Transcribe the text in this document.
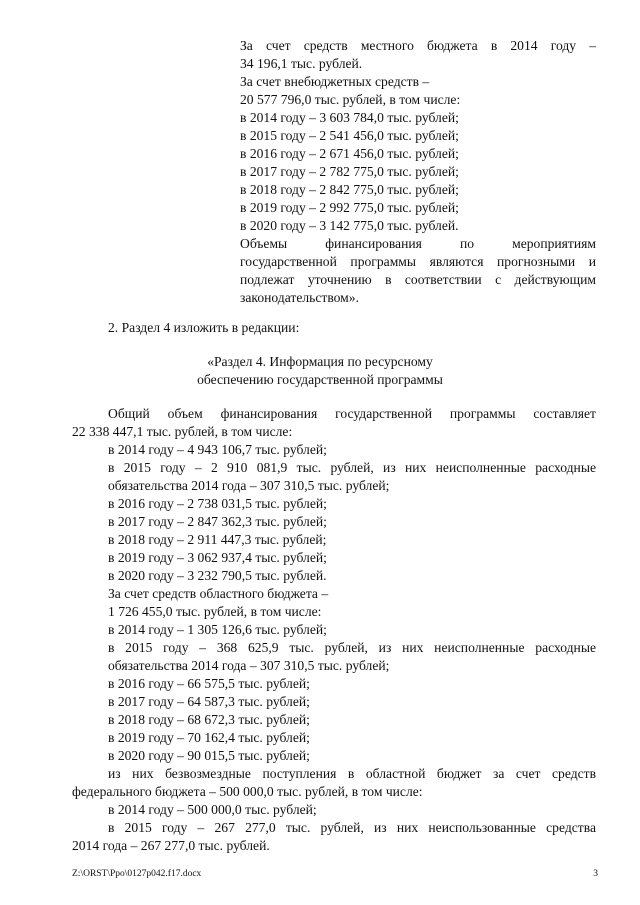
За счет средств местного бюджета в 2014 году –
34 196,1 тыс. рублей.
За счет внебюджетных средств –
20 577 796,0 тыс. рублей, в том числе:
в 2014 году – 3 603 784,0 тыс. рублей;
в 2015 году – 2 541 456,0 тыс. рублей;
в 2016 году – 2 671 456,0 тыс. рублей;
в 2017 году – 2 782 775,0 тыс. рублей;
в 2018 году – 2 842 775,0 тыс. рублей;
в 2019 году – 2 992 775,0 тыс. рублей;
в 2020 году – 3 142 775,0 тыс. рублей.
Объемы финансирования по мероприятиям
государственной программы являются прогнозными и
подлежат уточнению в соответствии с действующим
законодательством».
2. Раздел 4 изложить в редакции:
«Раздел 4. Информация по ресурсному
обеспечению государственной программы
Общий объем финансирования государственной программы составляет
22 338 447,1 тыс. рублей, в том числе:
в 2014 году – 4 943 106,7 тыс. рублей;
в 2015 году – 2 910 081,9 тыс. рублей, из них неисполненные расходные
обязательства 2014 года – 307 310,5 тыс. рублей;
в 2016 году – 2 738 031,5 тыс. рублей;
в 2017 году – 2 847 362,3 тыс. рублей;
в 2018 году – 2 911 447,3 тыс. рублей;
в 2019 году – 3 062 937,4 тыс. рублей;
в 2020 году – 3 232 790,5 тыс. рублей.
За счет средств областного бюджета –
1 726 455,0 тыс. рублей, в том числе:
в 2014 году – 1 305 126,6 тыс. рублей;
в 2015 году – 368 625,9 тыс. рублей, из них неисполненные расходные
обязательства 2014 года – 307 310,5 тыс. рублей;
в 2016 году – 66 575,5 тыс. рублей;
в 2017 году – 64 587,3 тыс. рублей;
в 2018 году – 68 672,3 тыс. рублей;
в 2019 году – 70 162,4 тыс. рублей;
в 2020 году – 90 015,5 тыс. рублей;
из них безвозмездные поступления в областной бюджет за счет средств
федерального бюджета – 500 000,0 тыс. рублей, в том числе:
в 2014 году – 500 000,0 тыс. рублей;
в 2015 году – 267 277,0 тыс. рублей, из них неиспользованные средства
2014 года – 267 277,0 тыс. рублей.
Z:\ORST\Ppo\0127p042.f17.docx	3
